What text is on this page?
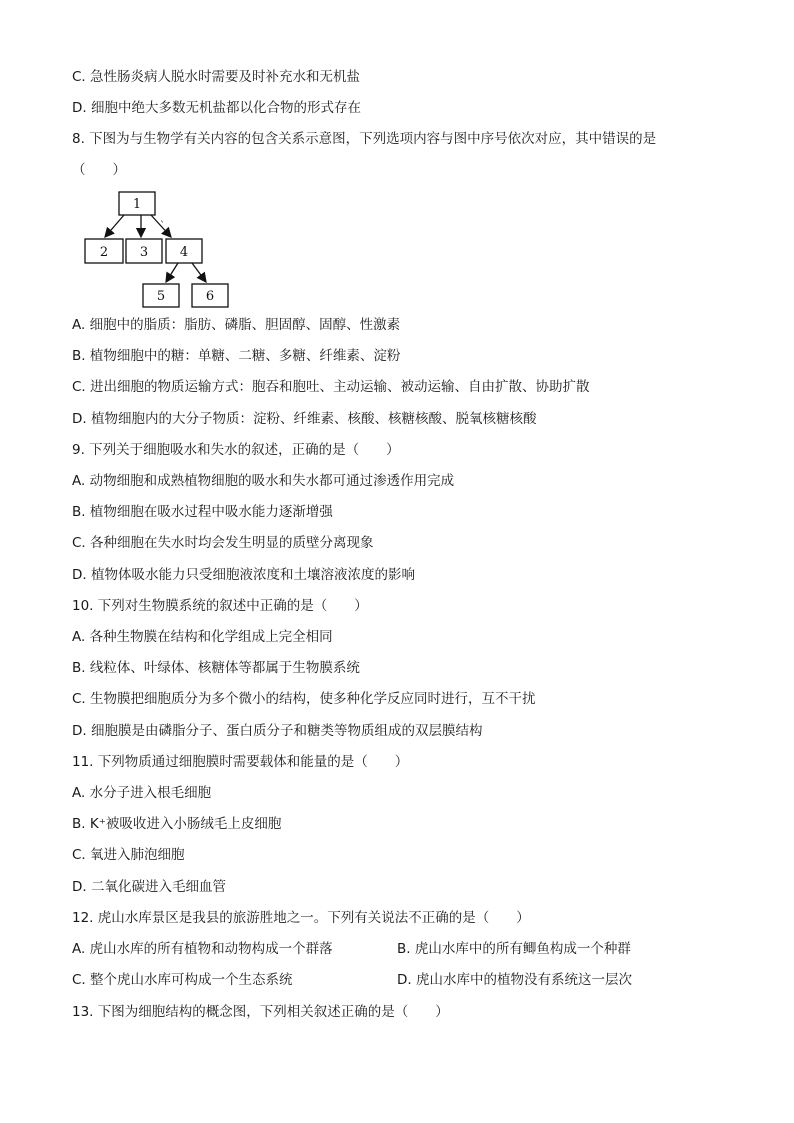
C. 急性肠炎病人脱水时需要及时补充水和无机盐
D. 细胞中绝大多数无机盐都以化合物的形式存在
8. 下图为与生物学有关内容的包含关系示意图，下列选项内容与图中序号依次对应，其中错误的是
（　　）
1
2 3 4
5	6
`
A. 细胞中的脂质：脂肪、磷脂、胆固醇、固醇、性激素
B. 植物细胞中的糖：单糖、二糖、多糖、纤维素、淀粉
C. 进出细胞的物质运输方式：胞吞和胞吐、主动运输、被动运输、自由扩散、协助扩散
D. 植物细胞内的大分子物质：淀粉、纤维素、核酸、核糖核酸、脱氧核糖核酸
9. 下列关于细胞吸水和失水的叙述，正确的是（　　）
A. 动物细胞和成熟植物细胞的吸水和失水都可通过渗透作用完成
B. 植物细胞在吸水过程中吸水能力逐渐增强
C. 各种细胞在失水时均会发生明显的质壁分离现象
D. 植物体吸水能力只受细胞液浓度和土壤溶液浓度的影响
10. 下列对生物膜系统的叙述中正确的是（　　）
A. 各种生物膜在结构和化学组成上完全相同
B. 线粒体、叶绿体、核糖体等都属于生物膜系统
C. 生物膜把细胞质分为多个微小的结构，使多种化学反应同时进行，互不干扰
D. 细胞膜是由磷脂分子、蛋白质分子和糖类等物质组成的双层膜结构
11. 下列物质通过细胞膜时需要载体和能量的是（　　）
A. 水分子进入根毛细胞
B. K⁺被吸收进入小肠绒毛上皮细胞
C. 氧进入肺泡细胞
D. 二氧化碳进入毛细血管
12. 虎山水库景区是我县的旅游胜地之一。下列有关说法不正确的是（　　）
A. 虎山水库的所有植物和动物构成一个群落	B. 虎山水库中的所有鲫鱼构成一个种群
C. 整个虎山水库可构成一个生态系统	D. 虎山水库中的植物没有系统这一层次
13. 下图为细胞结构的概念图，下列相关叙述正确的是（　　）
